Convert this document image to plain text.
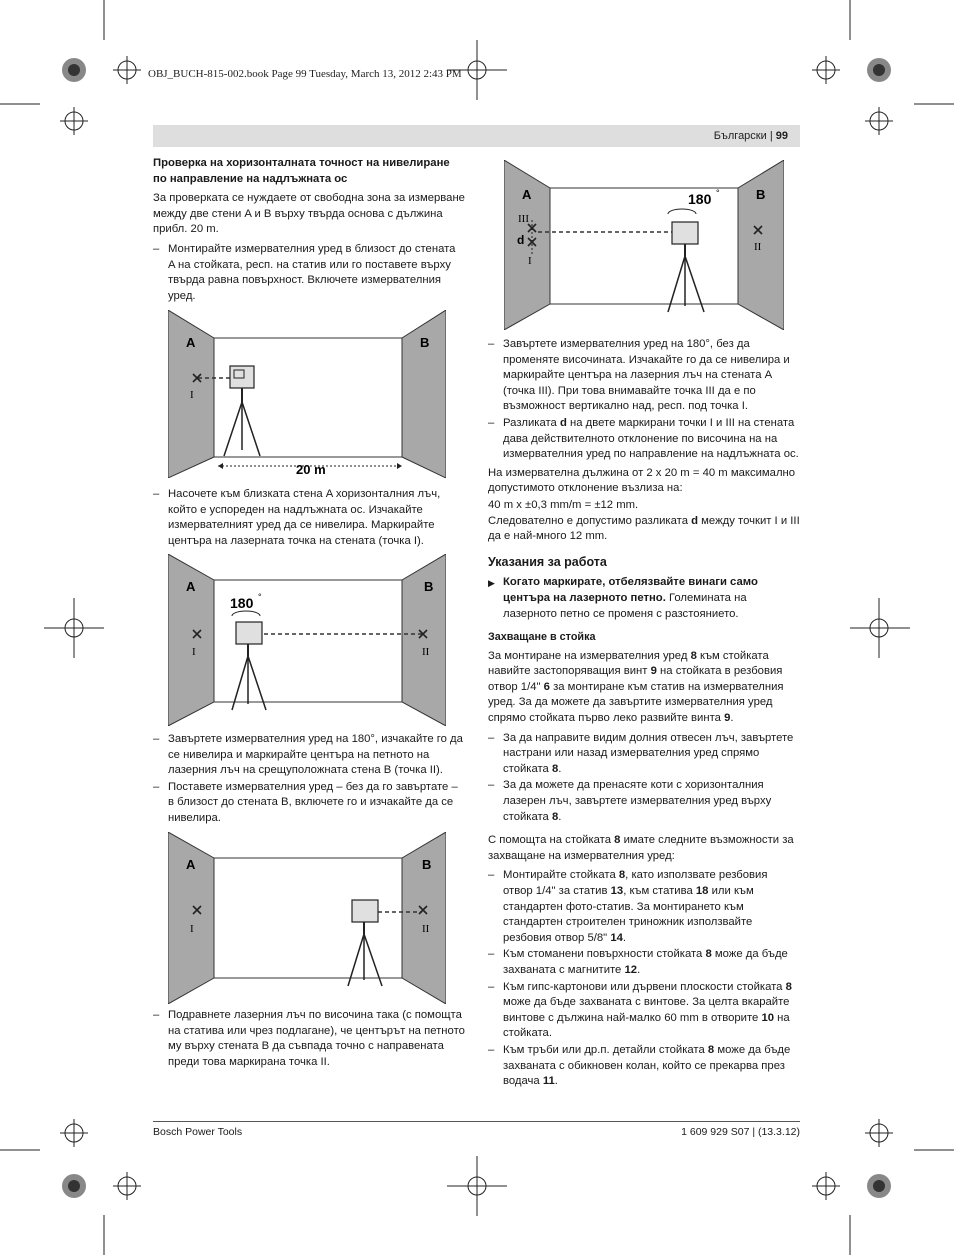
OBJ_BUCH-815-002.book Page 99 Tuesday, March 13, 2012 2:43 PM
Български | 99
Проверка на хоризонталната точност на нивелиране по направление на надлъжната ос
За проверката се нуждаете от свободна зона за измерване между две стени A и B върху твърда основа с дължина прибл. 20 m.
– Монтирайте измервателния уред в близост до стената A на стойката, респ. на статив или го поставете върху твърда равна повърхност. Включете измервателния уред.
A	B
I
20 m
– Насочете към близката стена A хоризонталния лъч, който е успореден на надлъжната ос. Изчакайте измервателният уред да се нивелира. Маркирайте центъра на лазерната точка на стената (точка I).
A	B
180 °
I	II
– Завъртете измервателния уред на 180°, изчакайте го да се нивелира и маркирайте центъра на петното на лазерния лъч на срещуположната стена B (точка II).
– Поставете измервателния уред – без да го завъртате – в близост до стената B, включете го и изчакайте да се нивелира.
A	B
I	II
– Подравнете лазерния лъч по височина така (с помощта на статива или чрез подлагане), че центърът на петното му върху стената B да съвпада точно с направената преди това маркирана точка II.
A	B
180 °
III
d
I
II
– Завъртете измервателния уред на 180°, без да променяте височината. Изчакайте го да се нивелира и маркирайте центъра на лазерния лъч на стената A (точка III). При това внимавайте точка III да е по възможност вертикално над, респ. под точка I.
– Разликата d на двете маркирани точки I и III на стената дава действителното отклонение по височина на на измервателния уред по направление на надлъжната ос.
На измервателна дължина от 2 x 20 m = 40 m максимално допустимото отклонение възлиза на:
40 m x ±0,3 mm/m = ±12 mm.
Следователно е допустимо разликата d между точкит I и III да е най-много 12 mm.
Указания за работа
▶ Когато маркирате, отбелязвайте винаги само центъра на лазерното петно. Големината на лазерното петно се променя с разстоянието.
Захващане в стойка
За монтиране на измервателния уред 8 към стойката навийте застопоряващия винт 9 на стойката в резбовия отвор 1/4" 6 за монтиране към статив на измервателния уред. За да можете да завъртите измервателния уред спрямо стойката първо леко развийте винта 9.
– За да направите видим долния отвесен лъч, завъртете настрани или назад измервателния уред спрямо стойката 8.
– За да можете да пренасяте коти с хоризонталния лазерен лъч, завъртете измервателния уред върху стойката 8.
С помощта на стойката 8 имате следните възможности за захващане на измервателния уред:
– Монтирайте стойката 8, като използвате резбовия отвор 1/4" за статив 13, към статива 18 или към стандартен фото-статив. За монтирането към стандартен строителен триножник използвайте резбовия отвор 5/8" 14.
– Към стоманени повърхности стойката 8 може да бъде захваната с магнитите 12.
– Към гипс-картонови или дървени плоскости стойката 8 може да бъде захваната с винтове. За целта вкарайте винтове с дължина най-малко 60 mm в отворите 10 на стойката.
– Към тръби или др.п. детайли стойката 8 може да бъде захваната с обикновен колан, който се прекарва през водача 11.
Bosch Power Tools	1 609 929 S07 | (13.3.12)
